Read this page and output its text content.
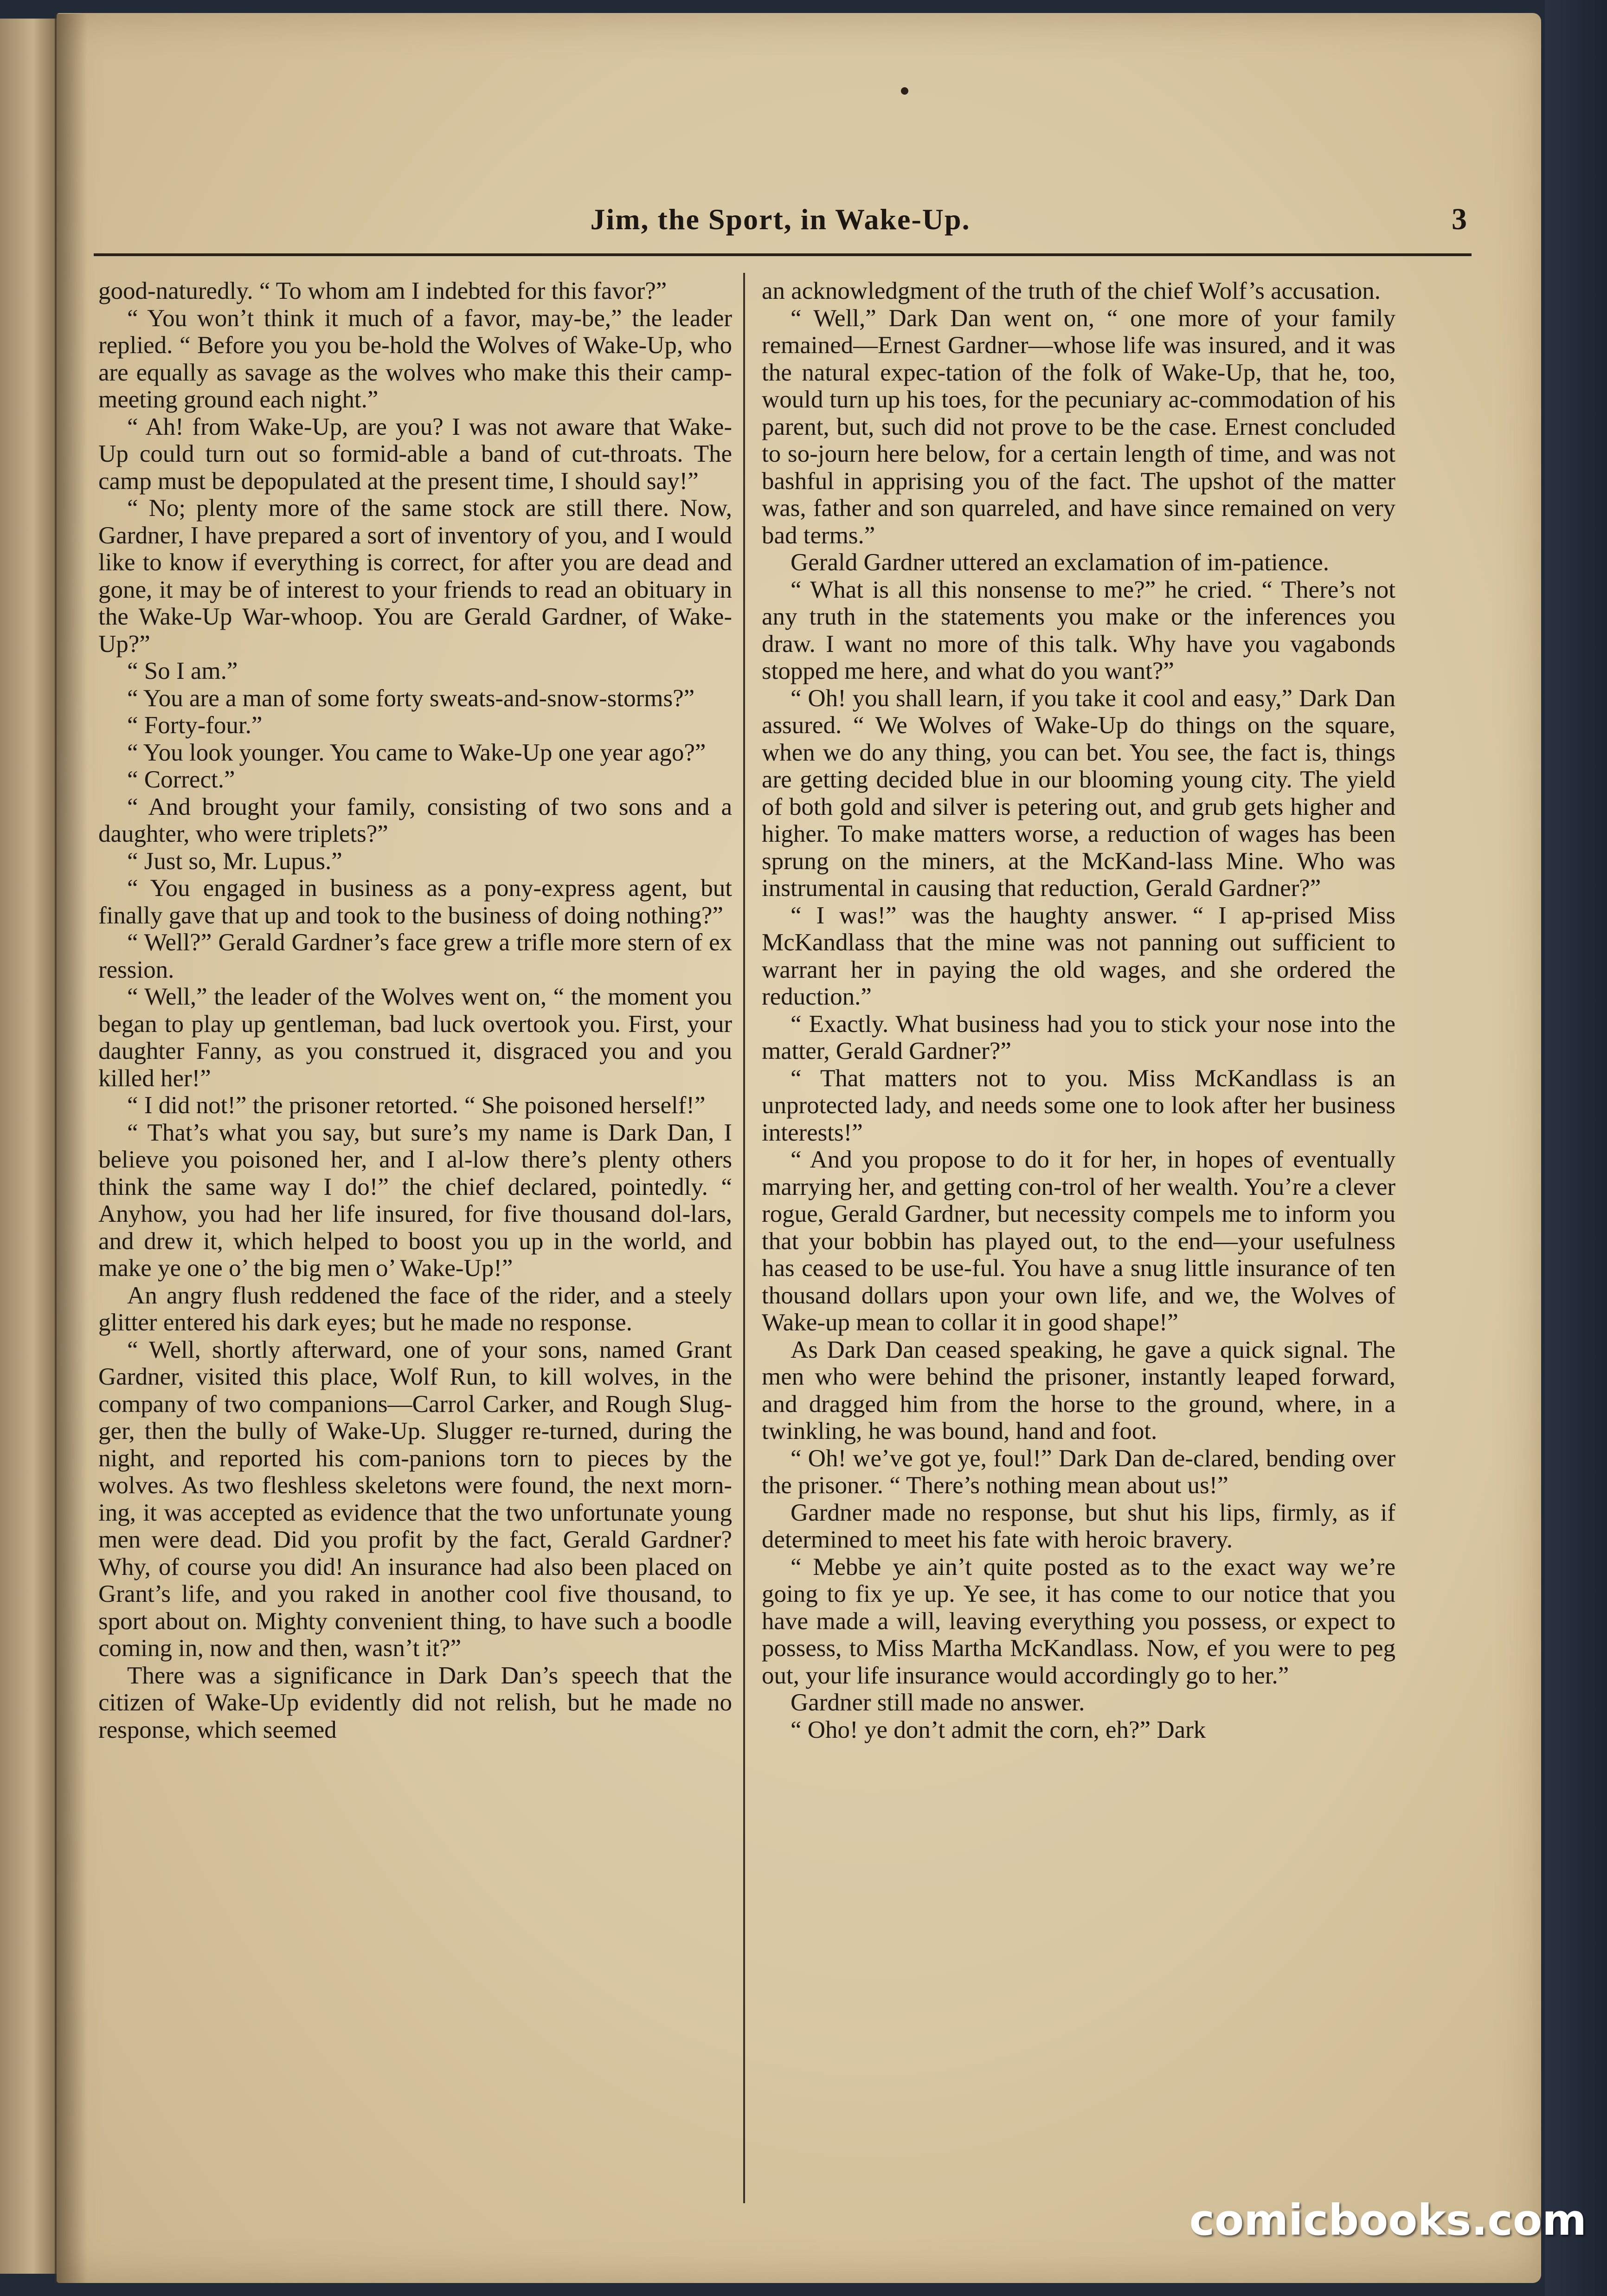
Jim, the Sport, in Wake-Up.	3

good-naturedly. “ To whom am I indebted for this favor?”

“ You won’t think it much of a favor, may-be,” the leader replied. “ Before you you be-hold the Wolves of Wake-Up, who are equally as savage as the wolves who make this their camp-meeting ground each night.”

“ Ah! from Wake-Up, are you? I was not aware that Wake-Up could turn out so formid-able a band of cut-throats. The camp must be depopulated at the present time, I should say!”

“ No; plenty more of the same stock are still there. Now, Gardner, I have prepared a sort of inventory of you, and I would like to know if everything is correct, for after you are dead and gone, it may be of interest to your friends to read an obituary in the Wake-Up War-whoop. You are Gerald Gardner, of Wake-Up?”

“ So I am.”

“ You are a man of some forty sweats-and-snow-storms?”

“ Forty-four.”

“ You look younger. You came to Wake-Up one year ago?”

“ Correct.”

“ And brought your family, consisting of two sons and a daughter, who were triplets?”

“ Just so, Mr. Lupus.”

“ You engaged in business as a pony-express agent, but finally gave that up and took to the business of doing nothing?”

“ Well?” Gerald Gardner’s face grew a trifle more stern of ex ression.

“ Well,” the leader of the Wolves went on, “ the moment you began to play up gentleman, bad luck overtook you. First, your daughter Fanny, as you construed it, disgraced you and you killed her!”

“ I did not!” the prisoner retorted. “ She poisoned herself!”

“ That’s what you say, but sure’s my name is Dark Dan, I believe you poisoned her, and I al-low there’s plenty others think the same way I do!” the chief declared, pointedly. “ Anyhow, you had her life insured, for five thousand dol-lars, and drew it, which helped to boost you up in the world, and make ye one o’ the big men o’ Wake-Up!”

An angry flush reddened the face of the rider, and a steely glitter entered his dark eyes; but he made no response.

“ Well, shortly afterward, one of your sons, named Grant Gardner, visited this place, Wolf Run, to kill wolves, in the company of two companions—Carrol Carker, and Rough Slug-ger, then the bully of Wake-Up. Slugger re-turned, during the night, and reported his com-panions torn to pieces by the wolves. As two fleshless skeletons were found, the next morn-ing, it was accepted as evidence that the two unfortunate young men were dead. Did you profit by the fact, Gerald Gardner? Why, of course you did! An insurance had also been placed on Grant’s life, and you raked in another cool five thousand, to sport about on. Mighty convenient thing, to have such a boodle coming in, now and then, wasn’t it?”

There was a significance in Dark Dan’s speech that the citizen of Wake-Up evidently did not relish, but he made no response, which seemed

an acknowledgment of the truth of the chief Wolf’s accusation.

“ Well,” Dark Dan went on, “ one more of your family remained—Ernest Gardner—whose life was insured, and it was the natural expec-tation of the folk of Wake-Up, that he, too, would turn up his toes, for the pecuniary ac-commodation of his parent, but, such did not prove to be the case. Ernest concluded to so-journ here below, for a certain length of time, and was not bashful in apprising you of the fact. The upshot of the matter was, father and son quarreled, and have since remained on very bad terms.”

Gerald Gardner uttered an exclamation of im-patience.

“ What is all this nonsense to me?” he cried. “ There’s not any truth in the statements you make or the inferences you draw. I want no more of this talk. Why have you vagabonds stopped me here, and what do you want?”

“ Oh! you shall learn, if you take it cool and easy,” Dark Dan assured. “ We Wolves of Wake-Up do things on the square, when we do any thing, you can bet. You see, the fact is, things are getting decided blue in our blooming young city. The yield of both gold and silver is petering out, and grub gets higher and higher. To make matters worse, a reduction of wages has been sprung on the miners, at the McKand-lass Mine. Who was instrumental in causing that reduction, Gerald Gardner?”

“ I was!” was the haughty answer. “ I ap-prised Miss McKandlass that the mine was not panning out sufficient to warrant her in paying the old wages, and she ordered the reduction.”

“ Exactly. What business had you to stick your nose into the matter, Gerald Gardner?”

“ That matters not to you. Miss McKandlass is an unprotected lady, and needs some one to look after her business interests!”

“ And you propose to do it for her, in hopes of eventually marrying her, and getting con-trol of her wealth. You’re a clever rogue, Gerald Gardner, but necessity compels me to inform you that your bobbin has played out, to the end—your usefulness has ceased to be use-ful. You have a snug little insurance of ten thousand dollars upon your own life, and we, the Wolves of Wake-up mean to collar it in good shape!”

As Dark Dan ceased speaking, he gave a quick signal. The men who were behind the prisoner, instantly leaped forward, and dragged him from the horse to the ground, where, in a twinkling, he was bound, hand and foot.

“ Oh! we’ve got ye, foul!” Dark Dan de-clared, bending over the prisoner. “ There’s nothing mean about us!”

Gardner made no response, but shut his lips, firmly, as if determined to meet his fate with heroic bravery.

“ Mebbe ye ain’t quite posted as to the exact way we’re going to fix ye up. Ye see, it has come to our notice that you have made a will, leaving everything you possess, or expect to possess, to Miss Martha McKandlass. Now, ef you were to peg out, your life insurance would accordingly go to her.”

Gardner still made no answer.

“ Oho! ye don’t admit the corn, eh?” Dark

comicbooks.com
